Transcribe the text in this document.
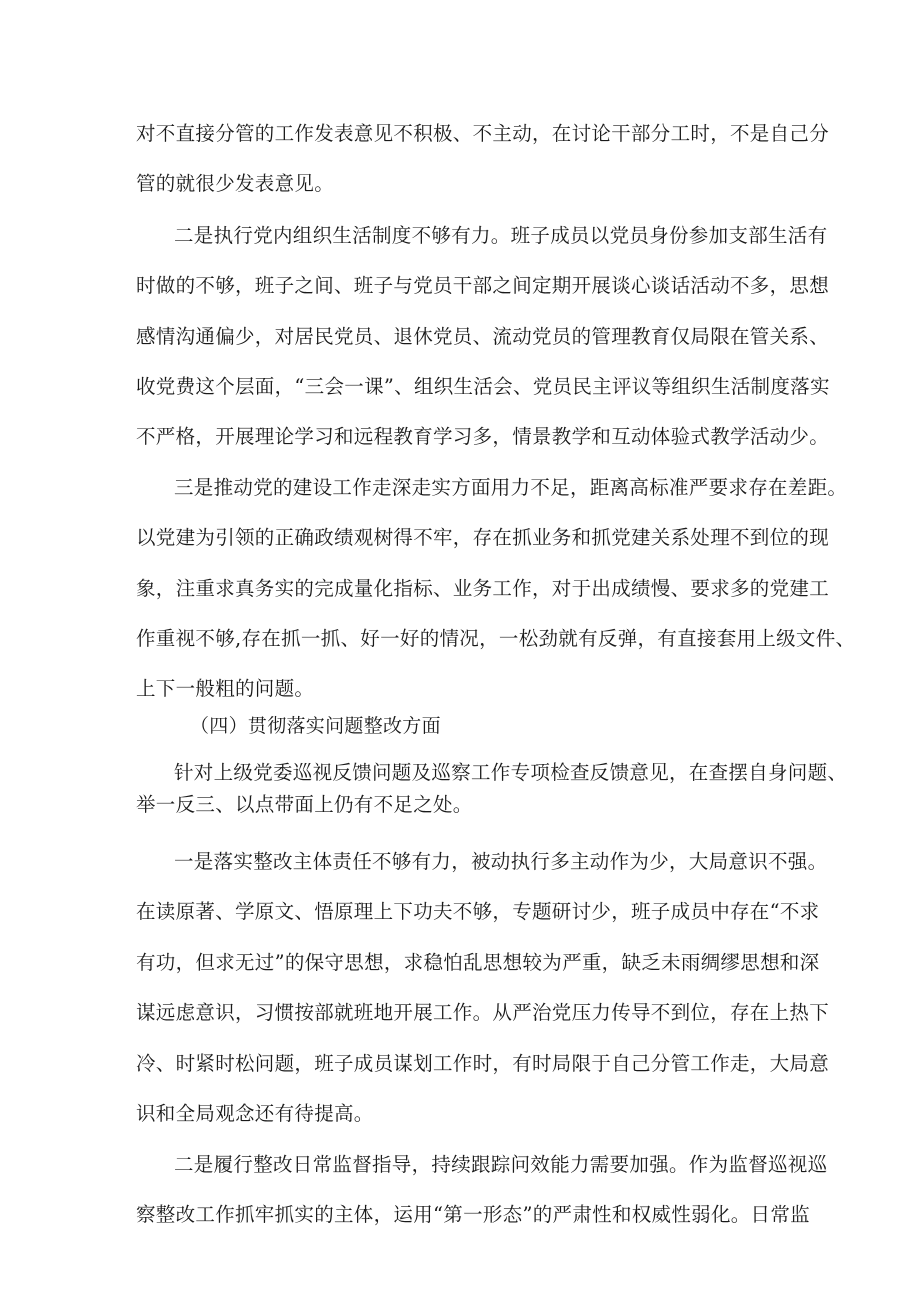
对不直接分管的工作发表意见不积极、不主动，在讨论干部分工时，不是自己分
管的就很少发表意见。
二是执行党内组织生活制度不够有力。班子成员以党员身份参加支部生活有
时做的不够，班子之间、班子与党员干部之间定期开展谈心谈话活动不多，思想
感情沟通偏少，对居民党员、退休党员、流动党员的管理教育仅局限在管关系、
收党费这个层面，“三会一课”、组织生活会、党员民主评议等组织生活制度落实
不严格，开展理论学习和远程教育学习多，情景教学和互动体验式教学活动少。
三是推动党的建设工作走深走实方面用力不足，距离高标准严要求存在差距。
以党建为引领的正确政绩观树得不牢，存在抓业务和抓党建关系处理不到位的现
象，注重求真务实的完成量化指标、业务工作，对于出成绩慢、要求多的党建工
作重视不够,存在抓一抓、好一好的情况，一松劲就有反弹，有直接套用上级文件、
上下一般粗的问题。
（四）贯彻落实问题整改方面
针对上级党委巡视反馈问题及巡察工作专项检查反馈意见，在查摆自身问题、
举一反三、以点带面上仍有不足之处。
一是落实整改主体责任不够有力，被动执行多主动作为少，大局意识不强。
在读原著、学原文、悟原理上下功夫不够，专题研讨少，班子成员中存在“不求
有功，但求无过”的保守思想，求稳怕乱思想较为严重，缺乏未雨绸缪思想和深
谋远虑意识，习惯按部就班地开展工作。从严治党压力传导不到位，存在上热下
冷、时紧时松问题，班子成员谋划工作时，有时局限于自己分管工作走，大局意
识和全局观念还有待提高。
二是履行整改日常监督指导，持续跟踪问效能力需要加强。作为监督巡视巡
察整改工作抓牢抓实的主体，运用“第一形态”的严肃性和权威性弱化。日常监
